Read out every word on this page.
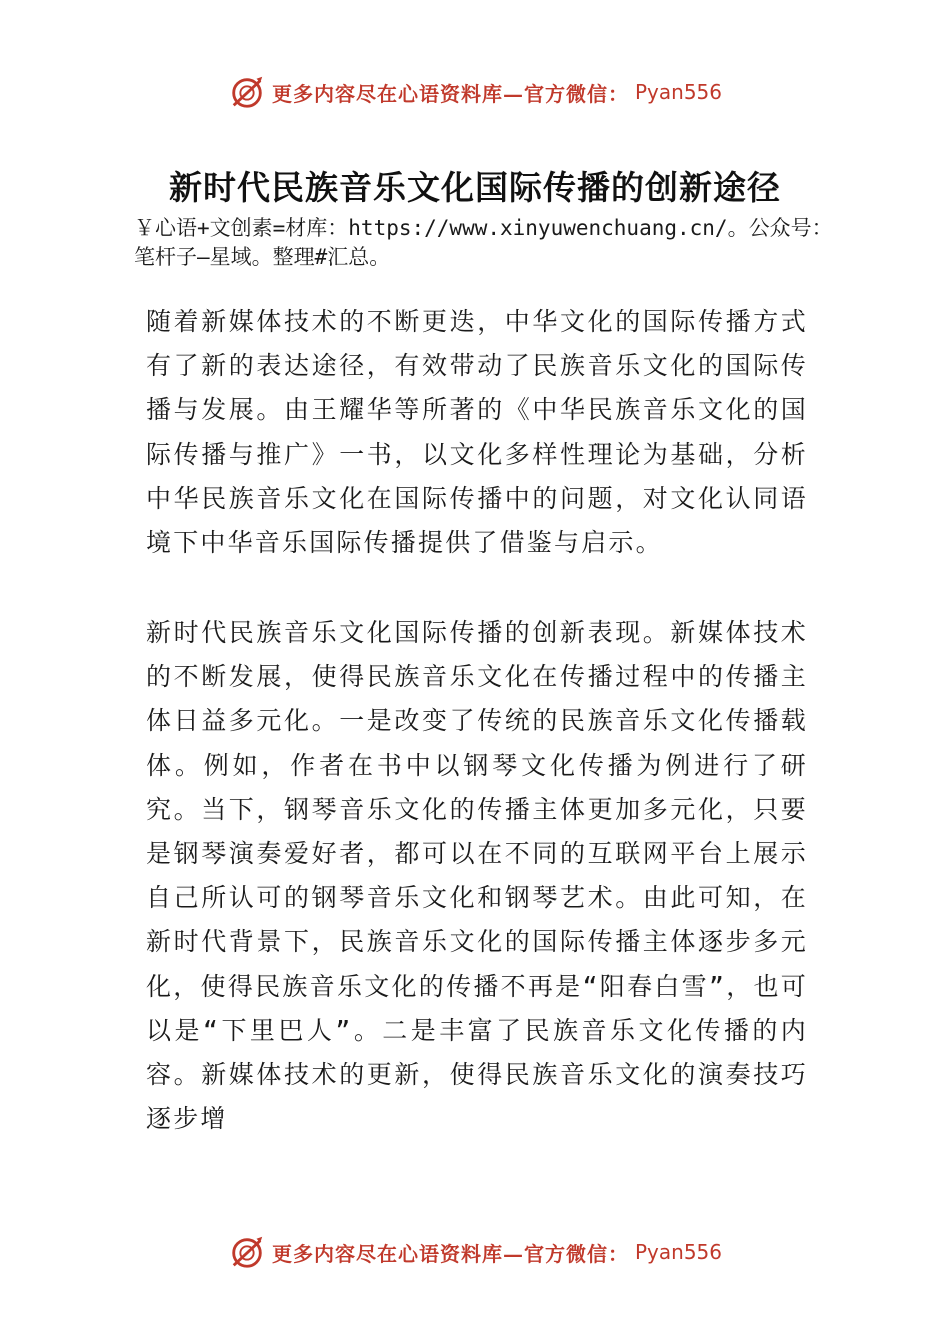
更多内容尽在心语资料库—官方微信： Pyan556
新时代民族音乐文化国际传播的创新途径

￥心语+文创素=材库：https://www.xinyuwenchuang.cn/。公众号：笔杆子—星域。整理#汇总。

随着新媒体技术的不断更迭，中华文化的国际传播方式有了新的表达途径，有效带动了民族音乐文化的国际传播与发展。由王耀华等所著的《中华民族音乐文化的国际传播与推广》一书，以文化多样性理论为基础，分析中华民族音乐文化在国际传播中的问题，对文化认同语境下中华音乐国际传播提供了借鉴与启示。

新时代民族音乐文化国际传播的创新表现。新媒体技术的不断发展，使得民族音乐文化在传播过程中的传播主体日益多元化。一是改变了传统的民族音乐文化传播载体。例如，作者在书中以钢琴文化传播为例进行了研究。当下，钢琴音乐文化的传播主体更加多元化，只要是钢琴演奏爱好者，都可以在不同的互联网平台上展示自己所认可的钢琴音乐文化和钢琴艺术。由此可知，在新时代背景下，民族音乐文化的国际传播主体逐步多元化，使得民族音乐文化的传播不再是“阳春白雪”，也可以是“下里巴人”。二是丰富了民族音乐文化传播的内容。新媒体技术的更新，使得民族音乐文化的演奏技巧逐步增

更多内容尽在心语资料库—官方微信： Pyan556
